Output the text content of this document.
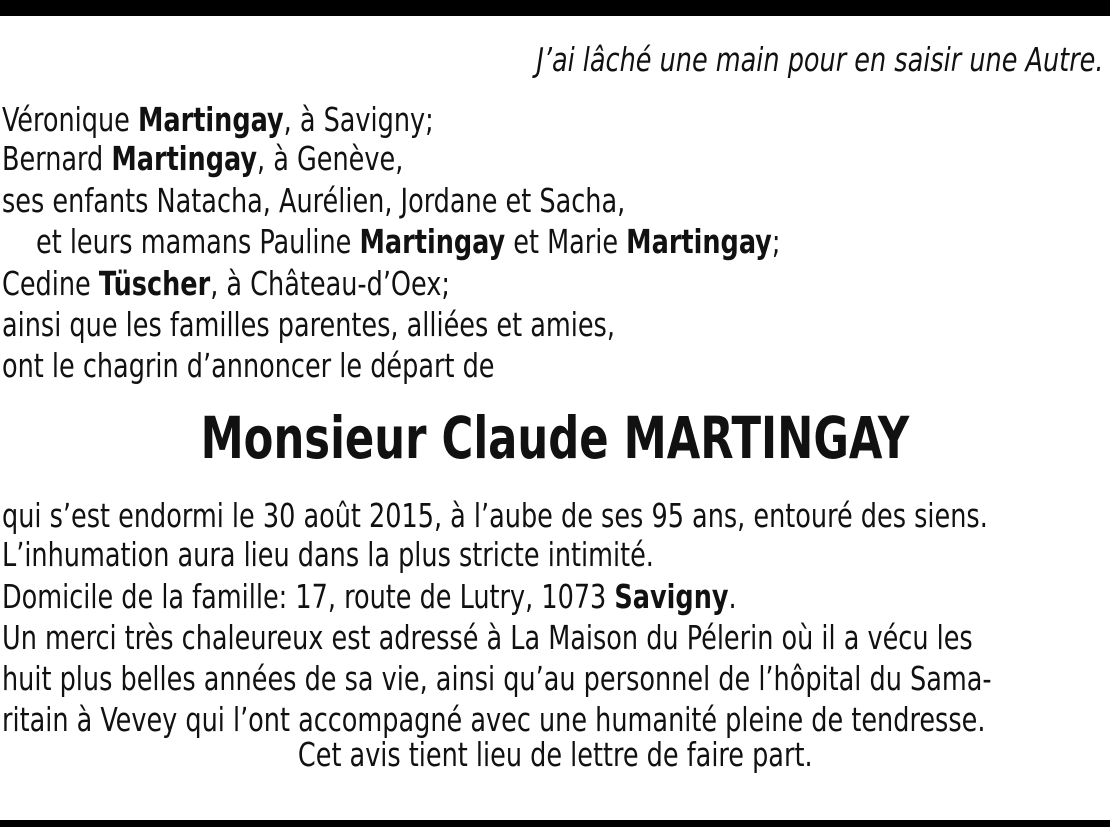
J’ai lâché une main pour en saisir une Autre.
Véronique Martingay, à Savigny;
Bernard Martingay, à Genève,
ses enfants Natacha, Aurélien, Jordane et Sacha,
et leurs mamans Pauline Martingay et Marie Martingay;
Cedine Tüscher, à Château-d’Oex;
ainsi que les familles parentes, alliées et amies,
ont le chagrin d’annoncer le départ de
Monsieur Claude MARTINGAY
qui s’est endormi le 30 août 2015, à l’aube de ses 95 ans, entouré des siens.
L’inhumation aura lieu dans la plus stricte intimité.
Domicile de la famille: 17, route de Lutry, 1073 Savigny.
Un merci très chaleureux est adressé à La Maison du Pélerin où il a vécu les
huit plus belles années de sa vie, ainsi qu’au personnel de l’hôpital du Sama-
ritain à Vevey qui l’ont accompagné avec une humanité pleine de tendresse.
Cet avis tient lieu de lettre de faire part.
